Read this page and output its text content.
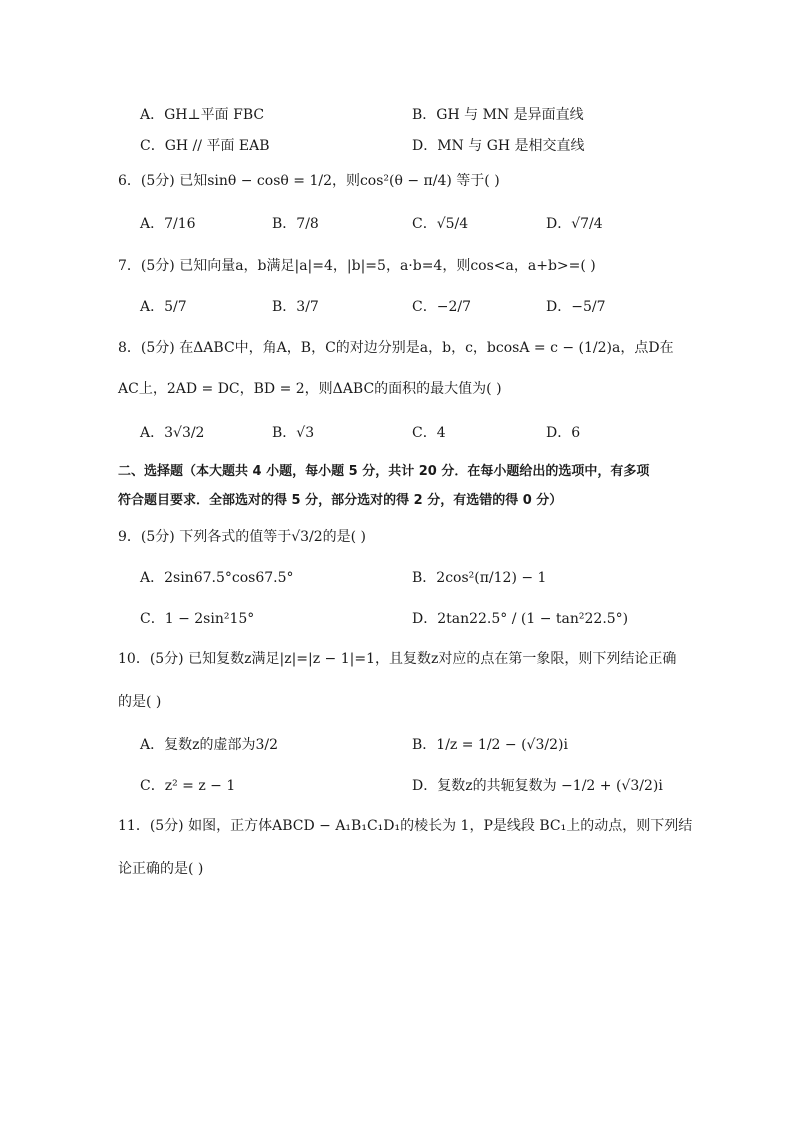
A．GH⊥平面 FBC	B．GH 与 MN 是异面直线
C．GH // 平面 EAB	D．MN 与 GH 是相交直线
6．(5分) 已知sinθ − cosθ = 1/2，则cos²(θ − π/4) 等于( )
A．7/16	B．7/8	C．√5/4	D．√7/4
7．(5分) 已知向量a，b满足|a|=4，|b|=5，a·b=4，则cos<a，a+b>=( )
A．5/7	B．3/7	C．−2/7	D．−5/7
8．(5分) 在ΔABC中，角A，B，C的对边分别是a，b，c，bcosA = c − (1/2)a，点D在
AC上，2AD = DC，BD = 2，则ΔABC的面积的最大值为( )
A．3√3/2	B．√3	C．4	D．6
二、选择题（本大题共 4 小题，每小题 5 分，共计 20 分．在每小题给出的选项中，有多项
符合题目要求．全部选对的得 5 分，部分选对的得 2 分，有选错的得 0 分）
9．(5分) 下列各式的值等于√3/2的是( )
A．2sin67.5°cos67.5°	B．2cos²(π/12) − 1
C．1 − 2sin²15°	D．2tan22.5° / (1 − tan²22.5°)
10．(5分) 已知复数z满足|z|=|z − 1|=1，且复数z对应的点在第一象限，则下列结论正确
的是( )
A．复数z的虚部为3/2	B．1/z = 1/2 − (√3/2)i
C．z² = z − 1	D．复数z的共轭复数为 −1/2 + (√3/2)i
11．(5分) 如图，正方体ABCD − A₁B₁C₁D₁的棱长为 1，P是线段 BC₁上的动点，则下列结
论正确的是( )
